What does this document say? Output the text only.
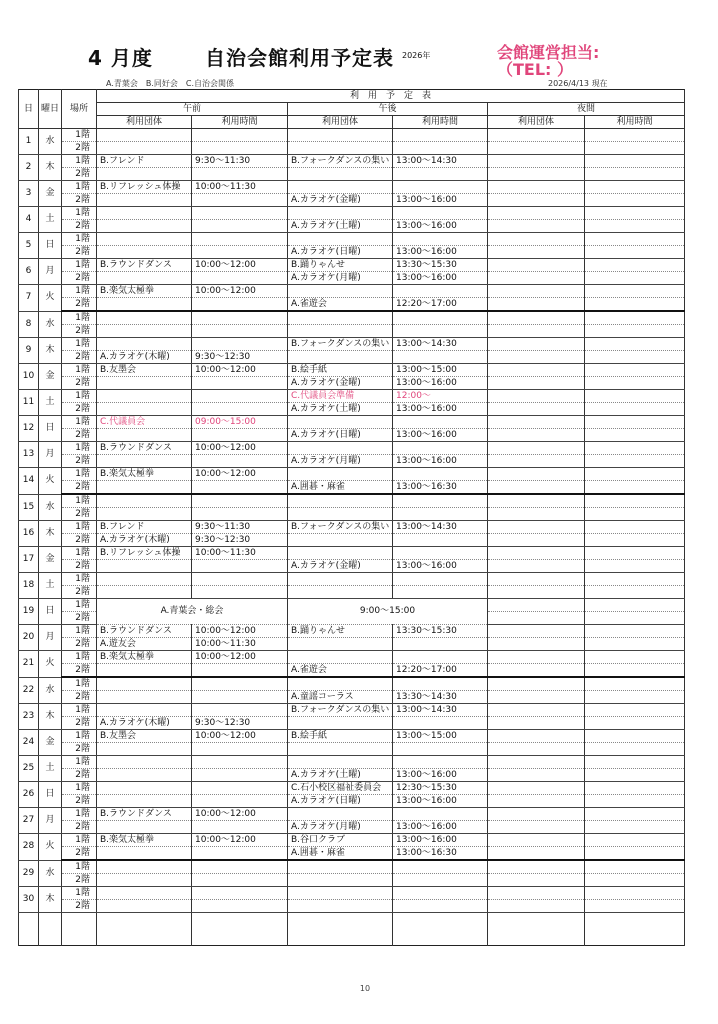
4 月度	自治会館利用予定表 2026年	会館運営担当:
（TEL: ）
A.青葉会　B.同好会　C.自治会関係	2026/4/13 現在
日	曜日	場所	利　用　予　定　表					
			午前		午後		夜間	
			利用団体	利用時間	利用団体	利用時間	利用団体	利用時間
1	水	1階						
		2階						
2	木	1階	B.フレンド	9:30〜11:30	B.フォークダンスの集い	13:00〜14:30		
		2階						
3	金	1階	B.リフレッシュ体操	10:00〜11:30				
		2階			A.カラオケ(金曜)	13:00〜16:00		
4	土	1階						
		2階			A.カラオケ(土曜)	13:00〜16:00		
5	日	1階						
		2階			A.カラオケ(日曜)	13:00〜16:00		
6	月	1階	B.ラウンドダンス	10:00〜12:00	B.踊りゃんせ	13:30〜15:30		
		2階			A.カラオケ(月曜)	13:00〜16:00		
7	火	1階	B.楽気太極拳	10:00〜12:00				
		2階			A.雀遊会	12:20〜17:00		
8	水	1階						
		2階						
9	木	1階			B.フォークダンスの集い	13:00〜14:30		
		2階	A.カラオケ(木曜)	9:30〜12:30				
10	金	1階	B.友墨会	10:00〜12:00	B.絵手紙	13:00〜15:00		
		2階			A.カラオケ(金曜)	13:00〜16:00		
11	土	1階			C.代議員会準備	12:00〜		
		2階			A.カラオケ(土曜)	13:00〜16:00		
12	日	1階	C.代議員会	09:00〜15:00				
		2階			A.カラオケ(日曜)	13:00〜16:00		
13	月	1階	B.ラウンドダンス	10:00〜12:00				
		2階			A.カラオケ(月曜)	13:00〜16:00		
14	火	1階	B.楽気太極拳	10:00〜12:00				
		2階			A.囲碁・麻雀	13:00〜16:30		
15	水	1階						
		2階						
16	木	1階	B.フレンド	9:30〜11:30	B.フォークダンスの集い	13:00〜14:30		
		2階	A.カラオケ(木曜)	9:30〜12:30				
17	金	1階	B.リフレッシュ体操	10:00〜11:30				
		2階			A.カラオケ(金曜)	13:00〜16:00		
18	土	1階						
		2階						
19	日	1階	A.青葉会・総会		9:00〜15:00			
		2階						
20	月	1階	B.ラウンドダンス	10:00〜12:00	B.踊りゃんせ	13:30〜15:30		
		2階	A.遊友会	10:00〜11:30				
21	火	1階	B.楽気太極拳	10:00〜12:00				
		2階			A.雀遊会	12:20〜17:00		
22	水	1階						
		2階			A.童謡コーラス	13:30〜14:30		
23	木	1階			B.フォークダンスの集い	13:00〜14:30		
		2階	A.カラオケ(木曜)	9:30〜12:30				
24	金	1階	B.友墨会	10:00〜12:00	B.絵手紙	13:00〜15:00		
		2階						
25	土	1階						
		2階			A.カラオケ(土曜)	13:00〜16:00		
26	日	1階			C.石小校区福祉委員会	12:30〜15:30		
		2階			A.カラオケ(日曜)	13:00〜16:00		
27	月	1階	B.ラウンドダンス	10:00〜12:00				
		2階			A.カラオケ(月曜)	13:00〜16:00		
28	火	1階	B.楽気太極拳	10:00〜12:00	B.谷口クラブ	13:00〜16:00		
		2階			A.囲碁・麻雀	13:00〜16:30		
29	水	1階						
		2階						
30	木	1階						
		2階						

10
